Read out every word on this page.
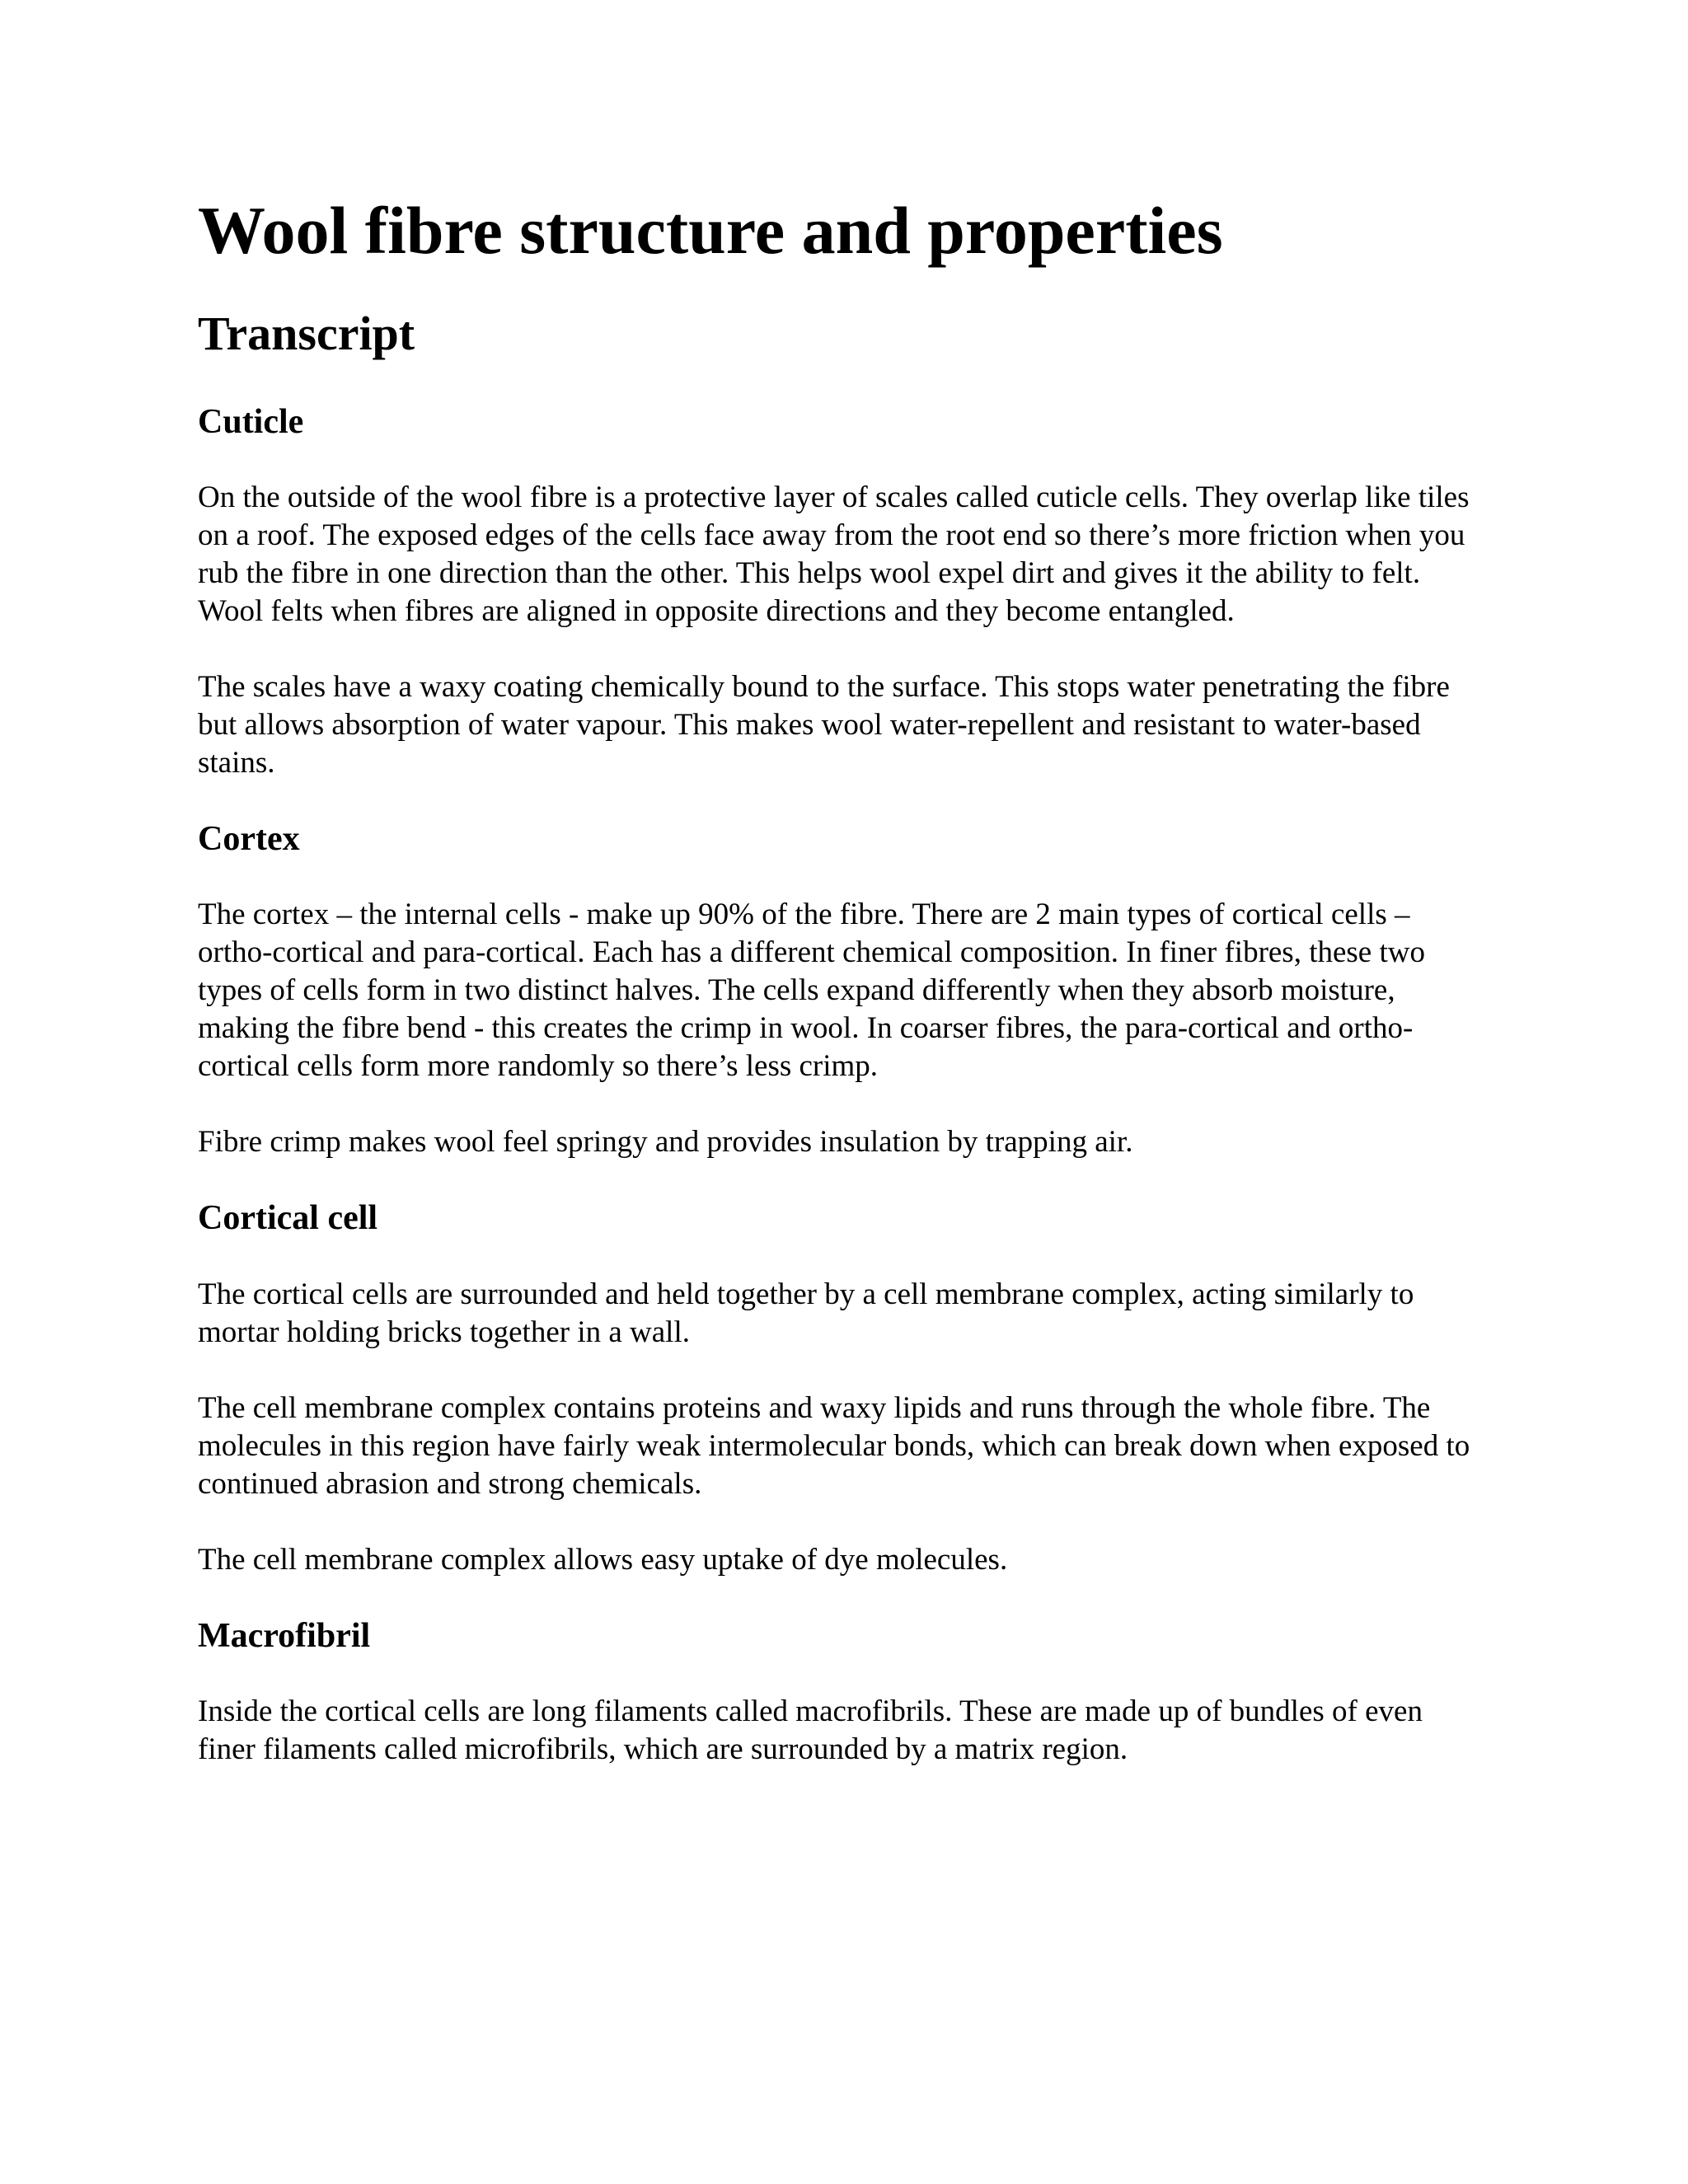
Wool fibre structure and properties
Transcript
Cuticle

On the outside of the wool fibre is a protective layer of scales called cuticle cells. They overlap like tiles on a roof. The exposed edges of the cells face away from the root end so there’s more friction when you rub the fibre in one direction than the other. This helps wool expel dirt and gives it the ability to felt. Wool felts when fibres are aligned in opposite directions and they become entangled.

The scales have a waxy coating chemically bound to the surface. This stops water penetrating the fibre but allows absorption of water vapour. This makes wool water-repellent and resistant to water-based stains.

Cortex

The cortex – the internal cells - make up 90% of the fibre. There are 2 main types of cortical cells – ortho-cortical and para-cortical. Each has a different chemical composition. In finer fibres, these two types of cells form in two distinct halves. The cells expand differently when they absorb moisture, making the fibre bend - this creates the crimp in wool. In coarser fibres, the para-cortical and ortho-cortical cells form more randomly so there’s less crimp.

Fibre crimp makes wool feel springy and provides insulation by trapping air.

Cortical cell

The cortical cells are surrounded and held together by a cell membrane complex, acting similarly to mortar holding bricks together in a wall.

The cell membrane complex contains proteins and waxy lipids and runs through the whole fibre. The molecules in this region have fairly weak intermolecular bonds, which can break down when exposed to continued abrasion and strong chemicals.

The cell membrane complex allows easy uptake of dye molecules.

Macrofibril

Inside the cortical cells are long filaments called macrofibrils. These are made up of bundles of even finer filaments called microfibrils, which are surrounded by a matrix region.
